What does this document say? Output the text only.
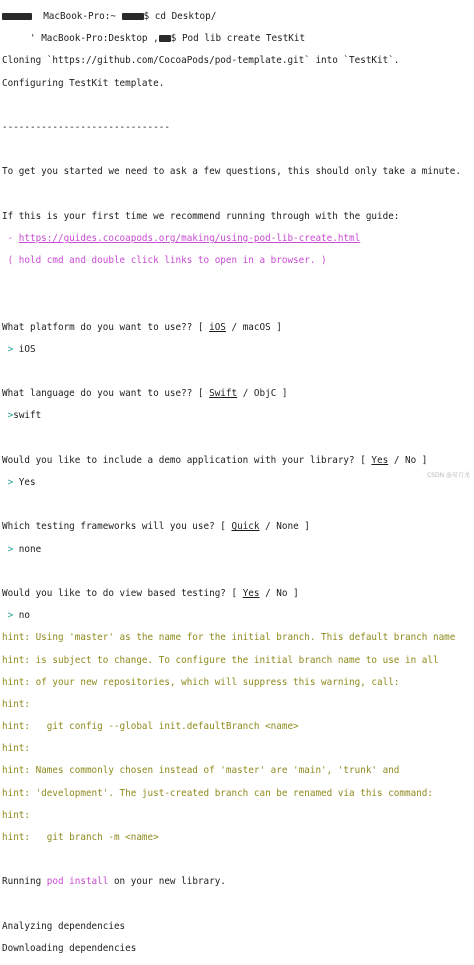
MacBook-Pro:~	$ cd Desktop/

' MacBook-Pro:Desktop , $ Pod lib create TestKit

Cloning `https://github.com/CocoaPods/pod-template.git` into `TestKit`.

Configuring TestKit template.

------------------------------

To get you started we need to ask a few questions, this should only take a minute.

If this is your first time we recommend running through with the guide:

- https://guides.cocoapods.org/making/using-pod-lib-create.html

( hold cmd and double click links to open in a browser. )

What platform do you want to use?? [ iOS / macOS ]

> iOS

What language do you want to use?? [ Swift / ObjC ]

>swift

Would you like to include a demo application with your library? [ Yes / No ]

> Yes

Which testing frameworks will you use? [ Quick / None ]

> none

Would you like to do view based testing? [ Yes / No ]

> no

hint: Using 'master' as the name for the initial branch. This default branch name

hint: is subject to change. To configure the initial branch name to use in all

hint: of your new repositories, which will suppress this warning, call:

hint:

hint:   git config --global init.defaultBranch <name>

hint:

hint: Names commonly chosen instead of 'master' are 'main', 'trunk' and

hint: 'development'. The just-created branch can be renamed via this command:

hint:

hint:   git branch -m <name>

Running pod install on your new library.

Analyzing dependencies

Downloading dependencies

CSDN @易百龙
